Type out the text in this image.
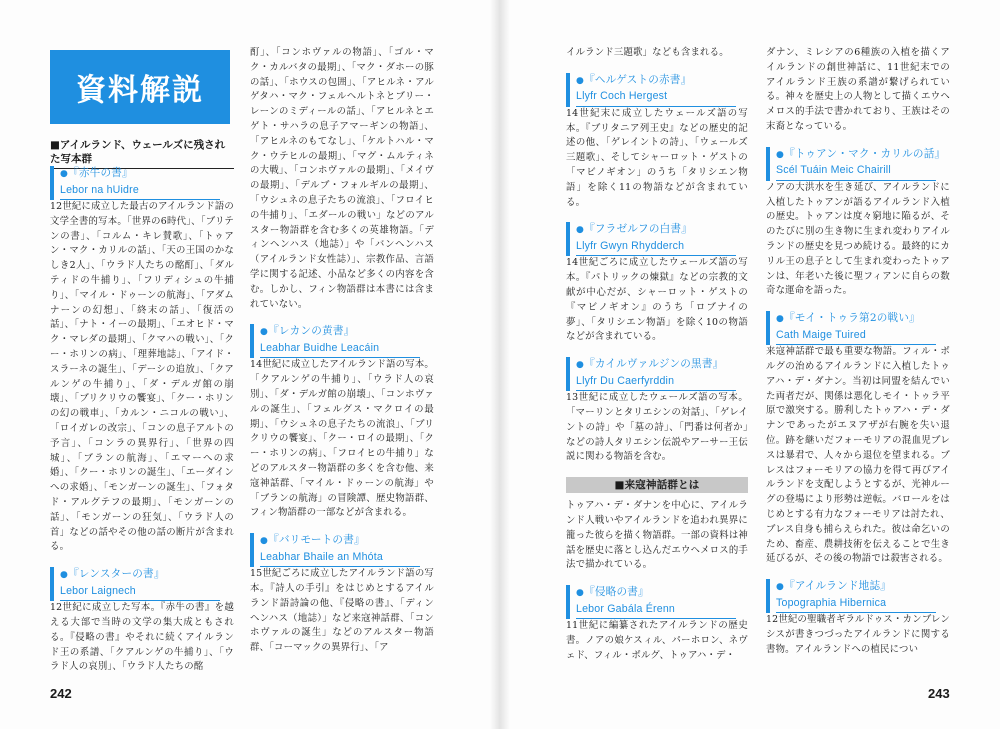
資料解説
■アイルランド、ウェールズに残された写本群
●『赤牛の書』
Lebor na hUidre

12世紀に成立した最古のアイルランド語の文学全書的写本。「世界の6時代」、「ブリテンの書」、「コルム・キレ賛歌」、「トゥアン・マク・カリルの話」、「天の王国のかなしき2人」、「ウラド人たちの酩酊」、「ダルティドの牛捕り」、「フリディシュの牛捕り」、「マイル・ドゥーンの航海」、「アダムナーンの幻想」、「終末の話」、「復活の話」、「ナト・イーの最期」、「エオヒド・マク・マレダの最期」、「クマハの戦い」、「クー・ホリンの病」、「理葬地誌」、「アイド・スラーネの誕生」、「デーシの追放」、「クアルンゲの牛捕り」、「ダ・デルガ館の崩壊」、「ブリクリウの饗宴」、「クー・ホリンの幻の戦車」、「カルン・ニコルの戦い」、「ロイガレの改宗」、「コンの息子アルトの予言」、「コンラの異界行」、「世界の四城」、「ブランの航海」、「エマーへの求婚」、「クー・ホリンの誕生」、「エーダインへの求婚」、「モンガーンの誕生」、「フォタド・アルグテフの最期」、「モンガーンの話」、「モンガーンの狂気」、「ウラド人の首」などの話やその他の話の断片が含まれる。

●『レンスターの書』
Lebor Laignech

12世紀に成立した写本。『赤牛の書』を越える大部で当時の文学の集大成ともされる。『侵略の書』やそれに続くアイルランド王の系譜、「クアルンゲの牛捕り」、「ウラド人の哀別」、「ウラド人たちの酩

酊」、「コンホヴァルの物語」、「ゴル・マク・カルバタの最期」、「マク・ダホーの豚の話」、「ホウスの包囲」、「アヒルネ・アルゲタハ・マク・フェルヘルトネとブリー・レーンのミディールの話」、「アヒルネとエゲト・サハラの息子アマーギンの物語」、「アヒルネのもてなし」、「ケルトハル・マク・ウテヒルの最期」、「マグ・ムルティネの大戦」、「コンホヴァルの最期」、「メイヴの最期」、「デルブ・フォルギルの最期」、「ウシュネの息子たちの流浪」、「フロイヒの牛捕り」、「エダールの戦い」などのアルスター物語群を含む多くの英雄物語。「ディンヘンハス（地誌）」や「バンヘンハス（アイルランド女性誌）」、宗教作品、言語学に関する記述、小品など多くの内容を含む。しかし、フィン物語群は本書には含まれていない。

●『レカンの黄書』
Leabhar Buidhe Leacáin

14世紀に成立したアイルランド語の写本。「クアルンゲの牛捕り」、「ウラド人の哀別」、「ダ・デルガ館の崩壊」、「コンホヴァルの誕生」、「フェルグス・マクロイの最期」、「ウシュネの息子たちの流浪」、「ブリクリウの饗宴」、「クー・ロイの最期」、「クー・ホリンの病」、「フロイヒの牛捕り」などのアルスター物語群の多くを含む他、来寇神話群、「マイル・ドゥーンの航海」や「ブランの航海」の冒険譚、歴史物語群、フィン物語群の一部などが含まれる。

●『バリモートの書』
Leabhar Bhaile an Mhóta

15世紀ごろに成立したアイルランド語の写本。『詩人の手引』をはじめとするアイルランド語詩論の他、『侵略の書』、「ディンヘンハス（地誌）」など来寇神話群、「コンホヴァルの誕生」などのアルスター物語群、「コーマックの異界行」、「ア

242

イルランド三題歌」なども含まれる。

●『ヘルゲストの赤書』
Llyfr Coch Hergest

14世紀末に成立したウェールズ語の写本。『ブリタニア列王史』などの歴史的記述の他、「ゲレイントの詩」、「ウェールズ三題歌」、そしてシャーロット・ゲストの「マビノギオン」のうち「タリシエン物語」を除く11の物語などが含まれている。

●『フラゼルフの白書』
Llyfr Gwyn Rhydderch

14世紀ごろに成立したウェールズ語の写本。『パトリックの煉獄』などの宗教的文献が中心だが、シャーロット・ゲストの『マビノギオン』のうち「ロブナイの夢」、「タリシエン物語」を除く10の物語などが含まれている。

●『カイルヴァルジンの黒書』
Llyfr Du Caerfyrddin

13世紀に成立したウェールズ語の写本。「マーリンとタリエシンの対話」、「ゲレイントの詩」や「墓の詩」、「門番は何者か」などの詩人タリエシン伝説やアーサー王伝説に関わる物語を含む。

■来寇神話群とは

トゥアハ・デ・ダナンを中心に、アイルランド人戦いやアイルランドを追われ異界に籠った彼らを描く物語群。一部の資料は神話を歴史に落とし込んだエウヘメロス的手法で描かれている。

●『侵略の書』
Lebor Gabála Érenn

11世紀に編纂されたアイルランドの歴史書。ノアの娘ケスィル、パーホロン、ネヴェド、フィル・ボルグ、トゥアハ・デ・

ダナン、ミレシアの6種族の入植を描くアイルランドの創世神話に、11世紀末でのアイルランド王族の系譜が繋げられている。神々を歴史上の人物として描くエウヘメロス的手法で書かれており、王族はその末裔となっている。

●『トゥアン・マク・カリルの話』
Scél Tuáin Meic Chairill

ノアの大洪水を生き延び、アイルランドに入植したトゥアンが語るアイルランド入植の歴史。トゥアンは度々窮地に陥るが、そのたびに別の生き物に生まれ変わりアイルランドの歴史を見つめ続ける。最終的にカリル王の息子として生まれ変わったトゥアンは、年老いた後に聖フィアンに自らの数奇な運命を語った。

●『モイ・トゥラ第2の戦い』
Cath Maige Tuired

来寇神話群で最も重要な物語。フィル・ボルグの治めるアイルランドに入植したトゥアハ・デ・ダナン。当初は同盟を結んでいた両者だが、関係は悪化しモイ・トゥラ平原で激突する。勝利したトゥアハ・デ・ダナンであったがエヌアザが右腕を失い退位。跡を継いだフォーモリアの混血児ブレスは暴君で、人々から退位を望まれる。ブレスはフォーモリアの協力を得て再びアイルランドを支配しようとするが、光神ルーグの登場により形勢は逆転。バロールをはじめとする有力なフォーモリアは討たれ、ブレス自身も捕らえられた。彼は命乞いのため、畜産、農耕技術を伝えることで生き延びるが、その後の物語では殺害される。

●『アイルランド地誌』
Topographia Hibernica

12世紀の聖職者ギラルドゥス・カンブレンシスが書きつづったアイルランドに関する書物。アイルランドへの植民につい

243
